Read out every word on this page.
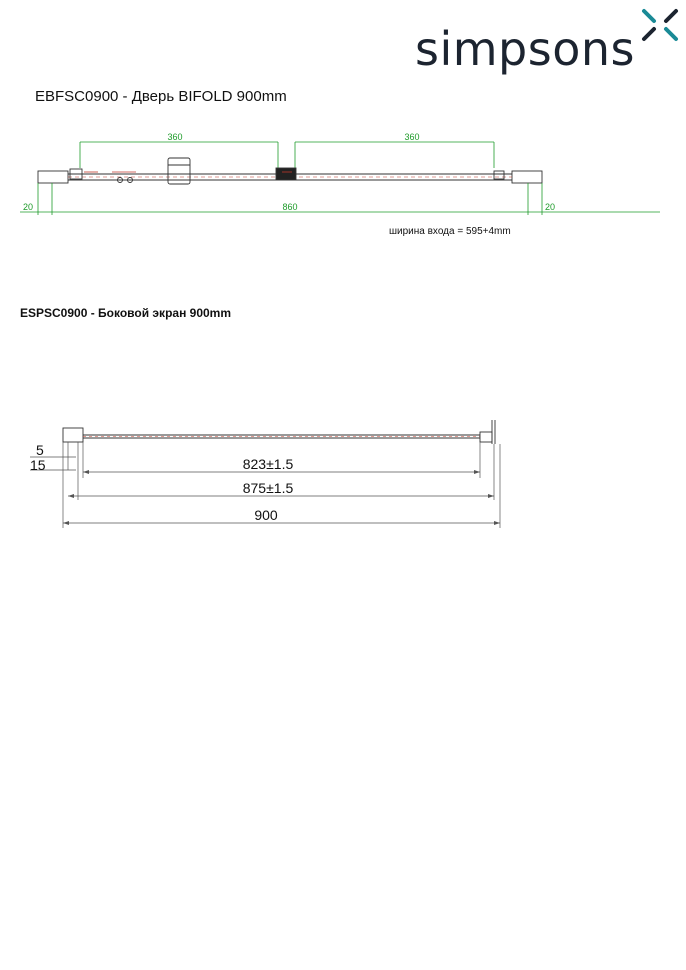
simpsons
EBFSC0900 - Дверь BIFOLD 900mm
360	360
20	860	20
ширина входа = 595+4mm
ESPSC0900 - Боковой экран 900mm
5
15	823±1.5
875±1.5
900
